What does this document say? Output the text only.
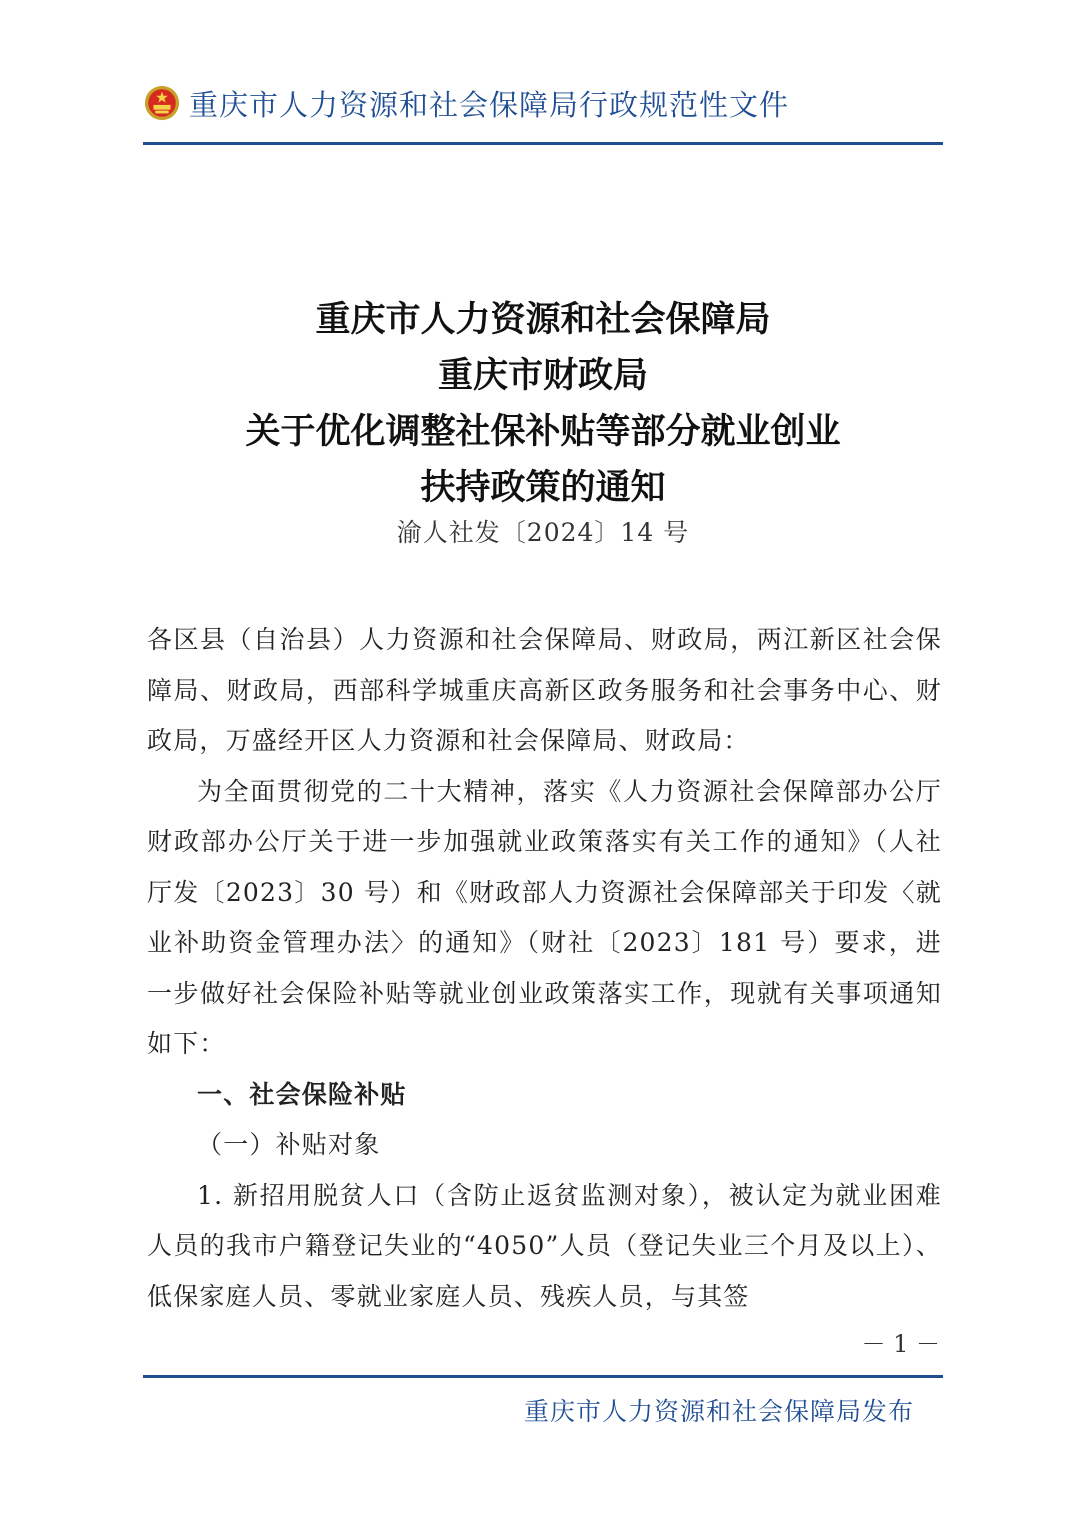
重庆市人力资源和社会保障局行政规范性文件
重庆市人力资源和社会保障局
重庆市财政局
关于优化调整社保补贴等部分就业创业
扶持政策的通知
渝人社发〔2024〕14 号

各区县（自治县）人力资源和社会保障局、财政局，两江新区社会保障局、财政局，西部科学城重庆高新区政务服务和社会事务中心、财政局，万盛经开区人力资源和社会保障局、财政局：

为全面贯彻党的二十大精神，落实《人力资源社会保障部办公厅 财政部办公厅关于进一步加强就业政策落实有关工作的通知》（人社厅发〔2023〕30 号）和《财政部人力资源社会保障部关于印发〈就业补助资金管理办法〉的通知》（财社〔2023〕181 号）要求，进一步做好社会保险补贴等就业创业政策落实工作，现就有关事项通知如下：

一、社会保险补贴

（一）补贴对象

1. 新招用脱贫人口（含防止返贫监测对象），被认定为就业困难人员的我市户籍登记失业的“4050”人员（登记失业三个月及以上）、低保家庭人员、零就业家庭人员、残疾人员，与其签

－ 1 －
重庆市人力资源和社会保障局发布
